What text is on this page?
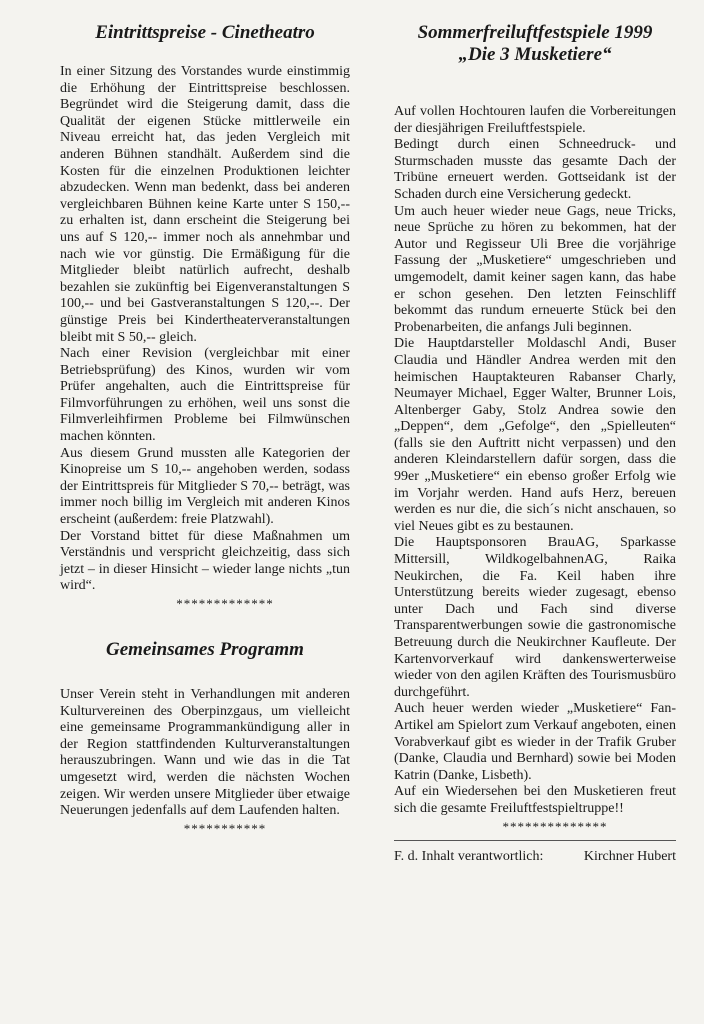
Eintrittspreise - Cinetheatro

In einer Sitzung des Vorstandes wurde einstimmig die Erhöhung der Eintrittspreise beschlossen. Begründet wird die Steigerung damit, dass die Qualität der eigenen Stücke mittlerweile ein Niveau erreicht hat, das jeden Vergleich mit anderen Bühnen standhält. Außerdem sind die Kosten für die einzelnen Produktionen leichter abzudecken. Wenn man bedenkt, dass bei anderen vergleichbaren Bühnen keine Karte unter S 150,-- zu erhalten ist, dann erscheint die Steigerung bei uns auf S 120,-- immer noch als annehmbar und nach wie vor günstig. Die Ermäßigung für die Mitglieder bleibt natürlich aufrecht, deshalb bezahlen sie zukünftig bei Eigenveranstaltungen S 100,-- und bei Gastveranstaltungen S 120,--. Der günstige Preis bei Kindertheaterveranstaltungen bleibt mit S 50,-- gleich.

Nach einer Revision (vergleichbar mit einer Betriebsprüfung) des Kinos, wurden wir vom Prüfer angehalten, auch die Eintrittspreise für Filmvorführungen zu erhöhen, weil uns sonst die Filmverleihfirmen Probleme bei Filmwünschen machen könnten.

Aus diesem Grund mussten alle Kategorien der Kinopreise um S 10,-- angehoben werden, sodass der Eintrittspreis für Mitglieder S 70,-- beträgt, was immer noch billig im Vergleich mit anderen Kinos erscheint (außerdem: freie Platzwahl).

Der Vorstand bittet für diese Maßnahmen um Verständnis und verspricht gleichzeitig, dass sich jetzt – in dieser Hinsicht – wieder lange nichts „tun wird“.

*************
Gemeinsames Programm

Unser Verein steht in Verhandlungen mit anderen Kulturvereinen des Oberpinzgaus, um vielleicht eine gemeinsame Programmankündigung aller in der Region stattfindenden Kulturveranstaltungen herauszubringen. Wann und wie das in die Tat umgesetzt wird, werden die nächsten Wochen zeigen. Wir werden unsere Mitglieder über etwaige Neuerungen jedenfalls auf dem Laufenden halten.

***********
Sommerfreiluftfestspiele 1999
„Die 3 Musketiere“

Auf vollen Hochtouren laufen die Vorbereitungen der diesjährigen Freiluftfestspiele.

Bedingt durch einen Schneedruck- und Sturmschaden musste das gesamte Dach der Tribüne erneuert werden. Gottseidank ist der Schaden durch eine Versicherung gedeckt.

Um auch heuer wieder neue Gags, neue Tricks, neue Sprüche zu hören zu bekommen, hat der Autor und Regisseur Uli Bree die vorjährige Fassung der „Musketiere“ umgeschrieben und umgemodelt, damit keiner sagen kann, das habe er schon gesehen. Den letzten Feinschliff bekommt das rundum erneuerte Stück bei den Probenarbeiten, die anfangs Juli beginnen.

Die Hauptdarsteller Moldaschl Andi, Buser Claudia und Händler Andrea werden mit den heimischen Hauptakteuren Rabanser Charly, Neumayer Michael, Egger Walter, Brunner Lois, Altenberger Gaby, Stolz Andrea sowie den „Deppen“, dem „Gefolge“, den „Spielleuten“ (falls sie den Auftritt nicht verpassen) und den anderen Kleindarstellern dafür sorgen, dass die 99er „Musketiere“ ein ebenso großer Erfolg wie im Vorjahr werden. Hand aufs Herz, bereuen werden es nur die, die sich´s nicht anschauen, so viel Neues gibt es zu bestaunen.

Die Hauptsponsoren BrauAG, Sparkasse Mittersill, WildkogelbahnenAG, Raika Neukirchen, die Fa. Keil haben ihre Unterstützung bereits wieder zugesagt, ebenso unter Dach und Fach sind diverse Transparentwerbungen sowie die gastronomische Betreuung durch die Neukirchner Kaufleute. Der Kartenvorverkauf wird dankenswerterweise wieder von den agilen Kräften des Tourismusbüro durchgeführt.

Auch heuer werden wieder „Musketiere“ Fan-Artikel am Spielort zum Verkauf angeboten, einen Vorabverkauf gibt es wieder in der Trafik Gruber (Danke, Claudia und Bernhard) sowie bei Moden Katrin (Danke, Lisbeth).

Auf ein Wiedersehen bei den Musketieren freut sich die gesamte Freiluftfestspieltruppe!!

**************
F. d. Inhalt verantwortlich:	Kirchner Hubert
